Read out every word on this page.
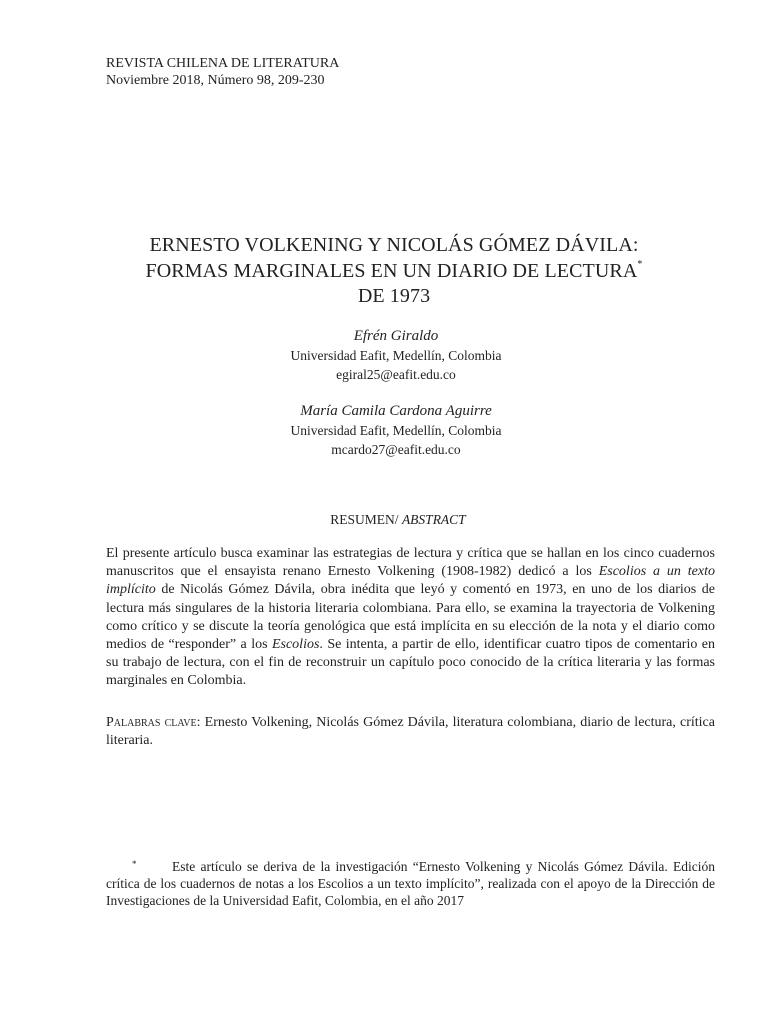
REVISTA CHILENA DE LITERATURA
Noviembre 2018, Número 98, 209-230
ERNESTO VOLKENING Y NICOLÁS GÓMEZ DÁVILA:
FORMAS MARGINALES EN UN DIARIO DE LECTURA*
DE 1973
Efrén Giraldo
Universidad Eafit, Medellín, Colombia
egiral25@eafit.edu.co
María Camila Cardona Aguirre
Universidad Eafit, Medellín, Colombia
mcardo27@eafit.edu.co
RESUMEN/ ABSTRACT
El presente artículo busca examinar las estrategias de lectura y crítica que se hallan en los cinco cuadernos manuscritos que el ensayista renano Ernesto Volkening (1908-1982) dedicó a los Escolios a un texto implícito de Nicolás Gómez Dávila, obra inédita que leyó y comentó en 1973, en uno de los diarios de lectura más singulares de la historia literaria colombiana. Para ello, se examina la trayectoria de Volkening como crítico y se discute la teoría genológica que está implícita en su elección de la nota y el diario como medios de “responder” a los Escolios. Se intenta, a partir de ello, identificar cuatro tipos de comentario en su trabajo de lectura, con el fin de reconstruir un capítulo poco conocido de la crítica literaria y las formas marginales en Colombia.
Palabras clave: Ernesto Volkening, Nicolás Gómez Dávila, literatura colombiana, diario de lectura, crítica literaria.
*	Este artículo se deriva de la investigación “Ernesto Volkening y Nicolás Gómez Dávila. Edición crítica de los cuadernos de notas a los Escolios a un texto implícito”, realizada con el apoyo de la Dirección de Investigaciones de la Universidad Eafit, Colombia, en el año 2017
